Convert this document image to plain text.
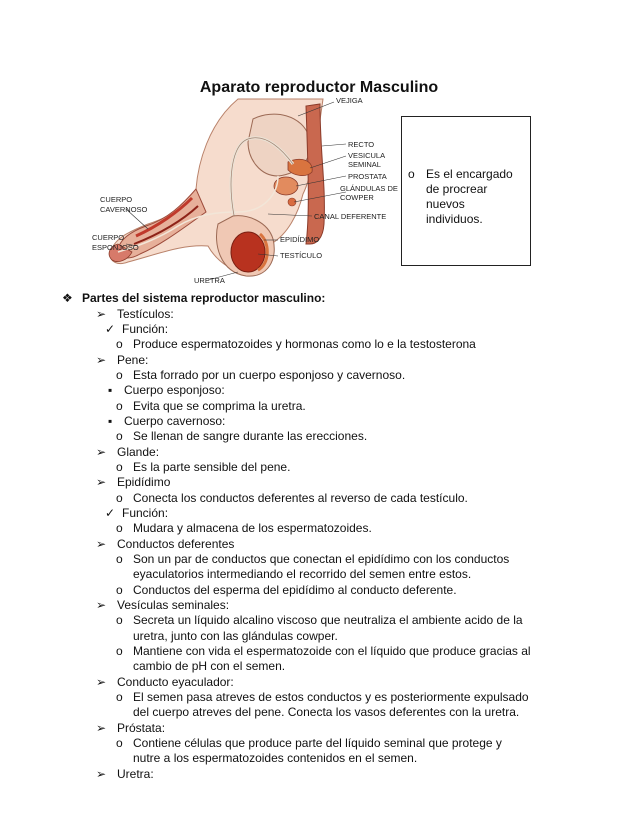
Aparato reproductor Masculino
VEJIGA
RECTO
VESICULA
SEMINAL
PROSTATA
GLÁNDULAS DE
COWPER
CANAL DEFERENTE
EPIDÍDIMO
TESTÍCULO
URETRA
CUERPO
CAVERNOSO
CUERPO
ESPONJOSO
o Es el encargado
de procrear
nuevos
individuos.
❖ Partes del sistema reproductor masculino:
➢ Testículos:
✓ Función:
o Produce espermatozoides y hormonas como lo e la testosterona
➢ Pene:
o Esta forrado por un cuerpo esponjoso y cavernoso.
▪ Cuerpo esponjoso:
o Evita que se comprima la uretra.
▪ Cuerpo cavernoso:
o Se llenan de sangre durante las erecciones.
➢ Glande:
o Es la parte sensible del pene.
➢ Epidídimo
o Conecta los conductos deferentes al reverso de cada testículo.
✓ Función:
o Mudara y almacena de los espermatozoides.
➢ Conductos deferentes
o Son un par de conductos que conectan el epidídimo con los conductos
eyaculatorios intermediando el recorrido del semen entre estos.
o Conductos del esperma del epidídimo al conducto deferente.
➢ Vesículas seminales:
o Secreta un líquido alcalino viscoso que neutraliza el ambiente acido de la
uretra, junto con las glándulas cowper.
o Mantiene con vida el espermatozoide con el líquido que produce gracias al
cambio de pH con el semen.
➢ Conducto eyaculador:
o El semen pasa atreves de estos conductos y es posteriormente expulsado
del cuerpo atreves del pene. Conecta los vasos deferentes con la uretra.
➢ Próstata:
o Contiene células que produce parte del líquido seminal que protege y
nutre a los espermatozoides contenidos en el semen.
➢ Uretra:
